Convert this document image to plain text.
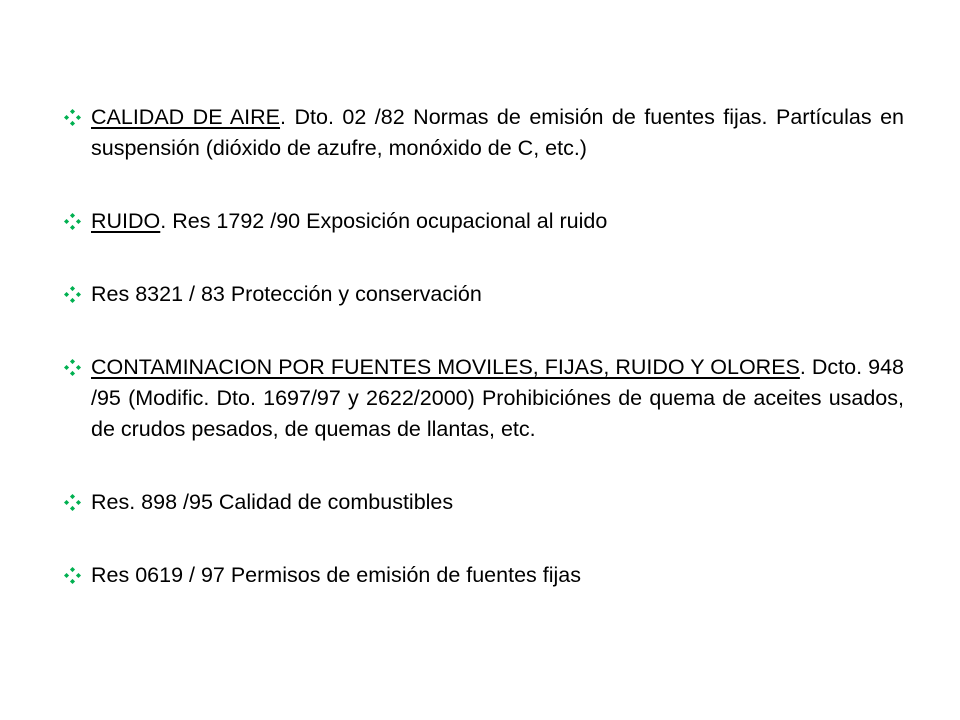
CALIDAD DE AIRE. Dto. 02 /82 Normas de emisión de fuentes fijas. Partículas en suspensión (dióxido de azufre, monóxido de C, etc.)
RUIDO. Res 1792 /90 Exposición ocupacional al ruido
Res 8321 / 83 Protección y conservación
CONTAMINACION POR FUENTES MOVILES, FIJAS, RUIDO Y OLORES. Dcto. 948 /95 (Modific. Dto. 1697/97 y 2622/2000) Prohibiciónes de quema de aceites usados, de crudos pesados, de quemas de llantas, etc.
Res. 898 /95 Calidad de combustibles
Res 0619 / 97 Permisos de emisión de fuentes fijas
